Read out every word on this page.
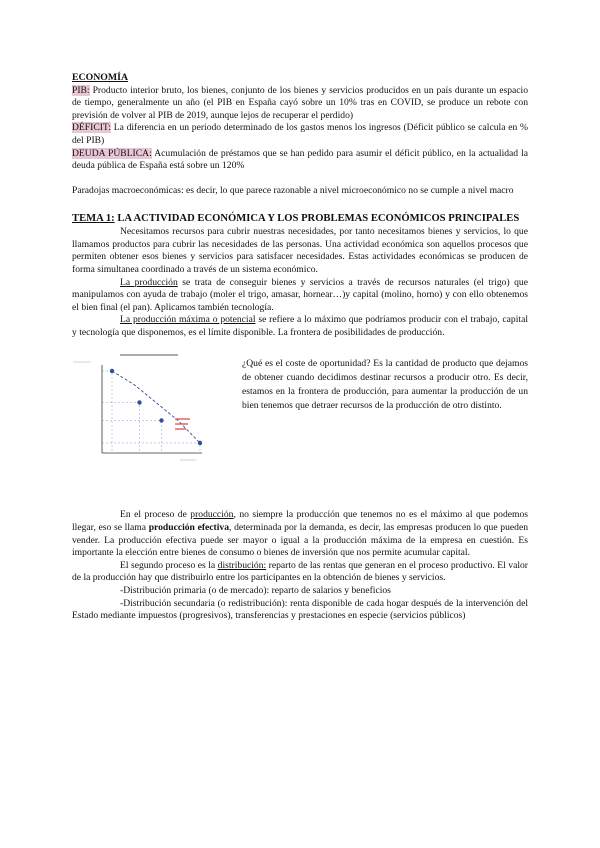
ECONOMÍA

PIB: Producto interior bruto, los bienes, conjunto de los bienes y servicios producidos en un país durante un espacio de tiempo, generalmente un año (el PIB en España cayó sobre un 10% tras en COVID, se produce un rebote con previsión de volver al PIB de 2019, aunque lejos de recuperar el perdido)

DÉFICIT: La diferencia en un periodo determinado de los gastos menos los ingresos (Déficit público se calcula en % del PIB)

DEUDA PÚBLICA: Acumulación de préstamos que se han pedido para asumir el déficit público, en la actualidad la deuda pública de España está sobre un 120%

Paradojas macroeconómicas: es decir, lo que parece razonable a nivel microeconómico no se cumple a nivel macro

TEMA 1: LA ACTIVIDAD ECONÓMICA Y LOS PROBLEMAS ECONÓMICOS PRINCIPALES

Necesitamos recursos para cubrir nuestras necesidades, por tanto necesitamos bienes y servicios, lo que llamamos productos para cubrir las necesidades de las personas. Una actividad económica son aquellos procesos que permiten obtener esos bienes y servicios para satisfacer necesidades. Estas actividades económicas se producen de forma simultanea coordinado a través de un sistema económico.

La producción se trata de conseguir bienes y servicios a través de recursos naturales (el trigo) que manipulamos con ayuda de trabajo (moler el trigo, amasar, hornear…)y capital (molino, horno) y con ello obtenemos el bien final (el pan). Aplicamos también tecnología.

La producción máxima o potencial se refiere a lo máximo que podríamos producir con el trabajo, capital y tecnología que disponemos, es el límite disponible. La frontera de posibilidades de producción.

~~~~~~~~~~~
~~~~~~~~~~

¿Qué es el coste de oportunidad? Es la cantidad de producto que dejamos de obtener cuando decidimos destinar recursos a producir otro. Es decir, estamos en la frontera de producción, para aumentar la producción de un bien tenemos que detraer recursos de la producción de otro distinto.

En el proceso de producción, no siempre la producción que tenemos no es el máximo al que podemos llegar, eso se llama producción efectiva, determinada por la demanda, es decir, las empresas producen lo que pueden vender. La producción efectiva puede ser mayor o igual a la producción máxima de la empresa en cuestión. Es importante la elección entre bienes de consumo o bienes de inversión que nos permite acumular capital.

El segundo proceso es la distribución: reparto de las rentas que generan en el proceso productivo. El valor de la producción hay que distribuirlo entre los participantes en la obtención de bienes y servicios.

-Distribución primaria (o de mercado): reparto de salarios y beneficios

-Distribución secundaria (o redistribución): renta disponible de cada hogar después de la intervención del Estado mediante impuestos (progresivos), transferencias y prestaciones en especie (servicios públicos)
